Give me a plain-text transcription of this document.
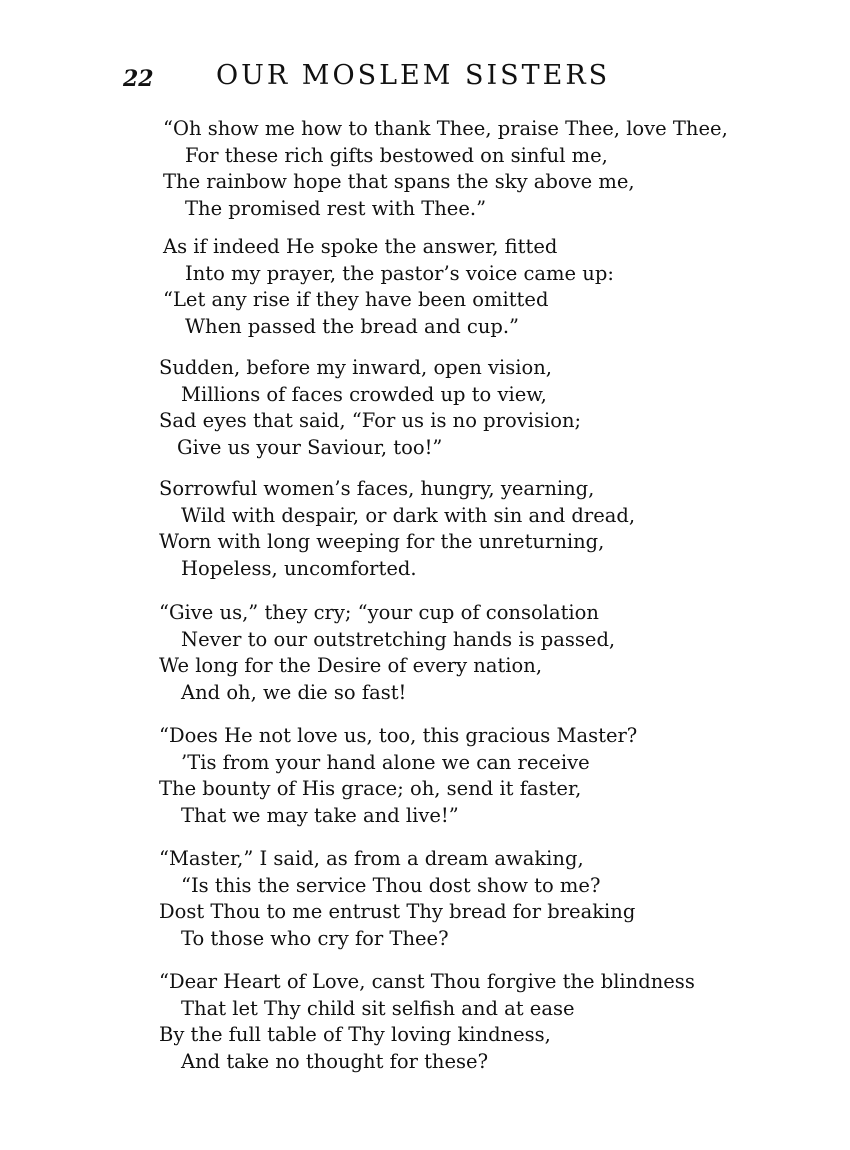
22 OUR MOSLEM SISTERS
“Oh show me how to thank Thee, praise Thee, love Thee,
For these rich gifts bestowed on sinful me,
The rainbow hope that spans the sky above me,
The promised rest with Thee.”
As if indeed He spoke the answer, fitted
Into my prayer, the pastor’s voice came up:
“Let any rise if they have been omitted
When passed the bread and cup.”
Sudden, before my inward, open vision,
Millions of faces crowded up to view,
Sad eyes that said, “For us is no provision;
Give us your Saviour, too!”
Sorrowful women’s faces, hungry, yearning,
Wild with despair, or dark with sin and dread,
Worn with long weeping for the unreturning,
Hopeless, uncomforted.
“Give us,” they cry; “your cup of consolation
Never to our outstretching hands is passed,
We long for the Desire of every nation,
And oh, we die so fast!
“Does He not love us, too, this gracious Master?
’Tis from your hand alone we can receive
The bounty of His grace; oh, send it faster,
That we may take and live!”
“Master,” I said, as from a dream awaking,
“Is this the service Thou dost show to me?
Dost Thou to me entrust Thy bread for breaking
To those who cry for Thee?
“Dear Heart of Love, canst Thou forgive the blindness
That let Thy child sit selfish and at ease
By the full table of Thy loving kindness,
And take no thought for these?
